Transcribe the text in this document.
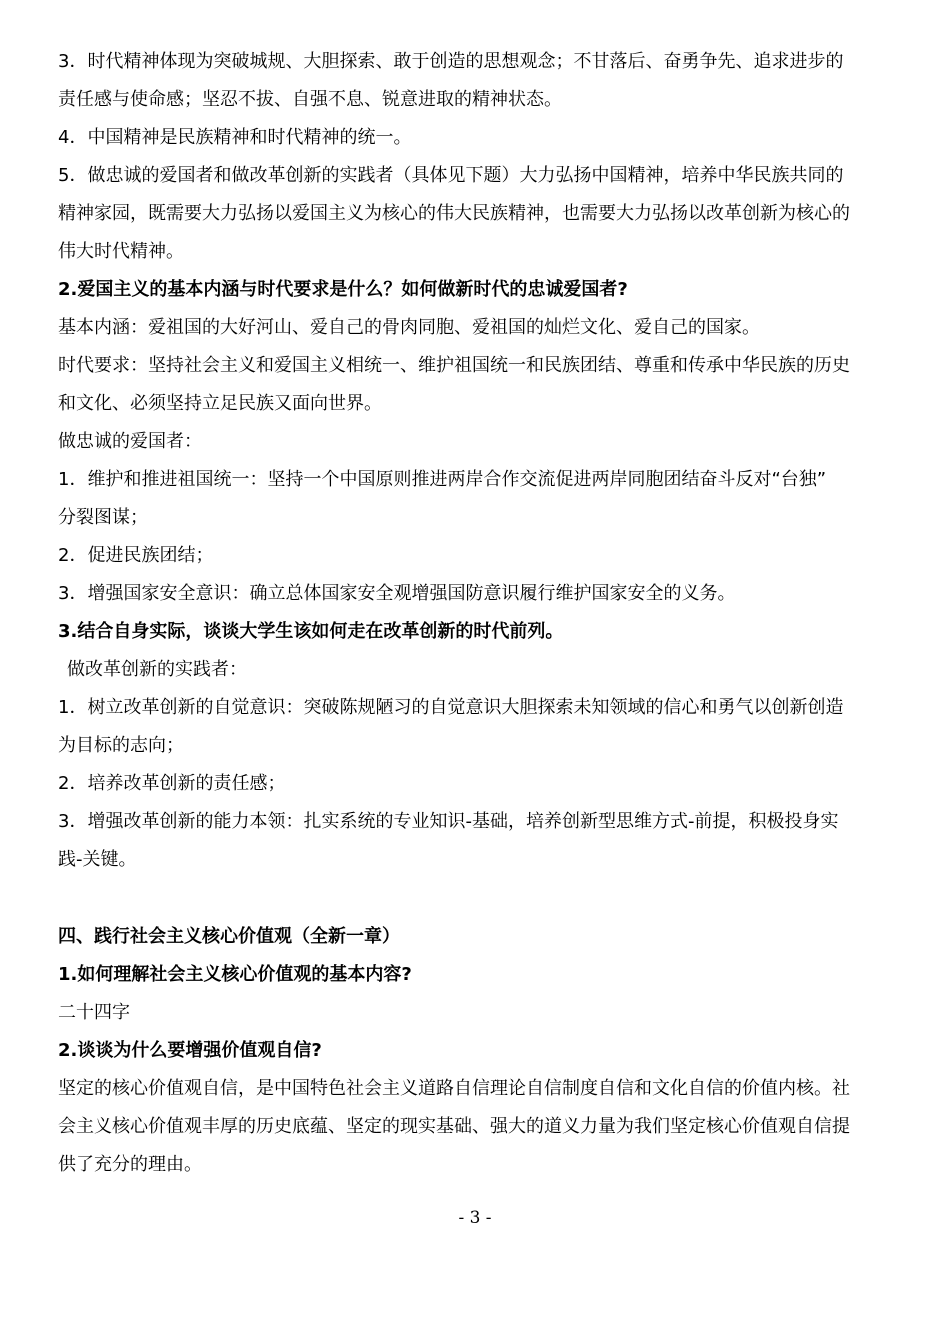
3．时代精神体现为突破城规、大胆探索、敢于创造的思想观念；不甘落后、奋勇争先、追求进步的

责任感与使命感；坚忍不拔、自强不息、锐意进取的精神状态。

4．中国精神是民族精神和时代精神的统一。

5．做忠诚的爱国者和做改革创新的实践者（具体见下题）大力弘扬中国精神，培养中华民族共同的

精神家园，既需要大力弘扬以爱国主义为核心的伟大民族精神，也需要大力弘扬以改革创新为核心的

伟大时代精神。

2.爱国主义的基本内涵与时代要求是什么？如何做新时代的忠诚爱国者?

基本内涵：爱祖国的大好河山、爱自己的骨肉同胞、爱祖国的灿烂文化、爱自己的国家。

时代要求：坚持社会主义和爱国主义相统一、维护祖国统一和民族团结、尊重和传承中华民族的历史

和文化、必须坚持立足民族又面向世界。

做忠诚的爱国者：

1．维护和推进祖国统一：坚持一个中国原则推进两岸合作交流促进两岸同胞团结奋斗反对“台独”

分裂图谋；

2．促进民族团结；

3．增强国家安全意识：确立总体国家安全观增强国防意识履行维护国家安全的义务。

3.结合自身实际，谈谈大学生该如何走在改革创新的时代前列。

做改革创新的实践者：

1．树立改革创新的自觉意识：突破陈规陋习的自觉意识大胆探索未知领域的信心和勇气以创新创造

为目标的志向；

2．培养改革创新的责任感；

3．增强改革创新的能力本领：扎实系统的专业知识-基础，培养创新型思维方式-前提，积极投身实

践-关键。

四、践行社会主义核心价值观（全新一章）

1.如何理解社会主义核心价值观的基本内容?

二十四字

2.谈谈为什么要增强价值观自信?

坚定的核心价值观自信，是中国特色社会主义道路自信理论自信制度自信和文化自信的价值内核。社

会主义核心价值观丰厚的历史底蕴、坚定的现实基础、强大的道义力量为我们坚定核心价值观自信提

供了充分的理由。

- 3 -
